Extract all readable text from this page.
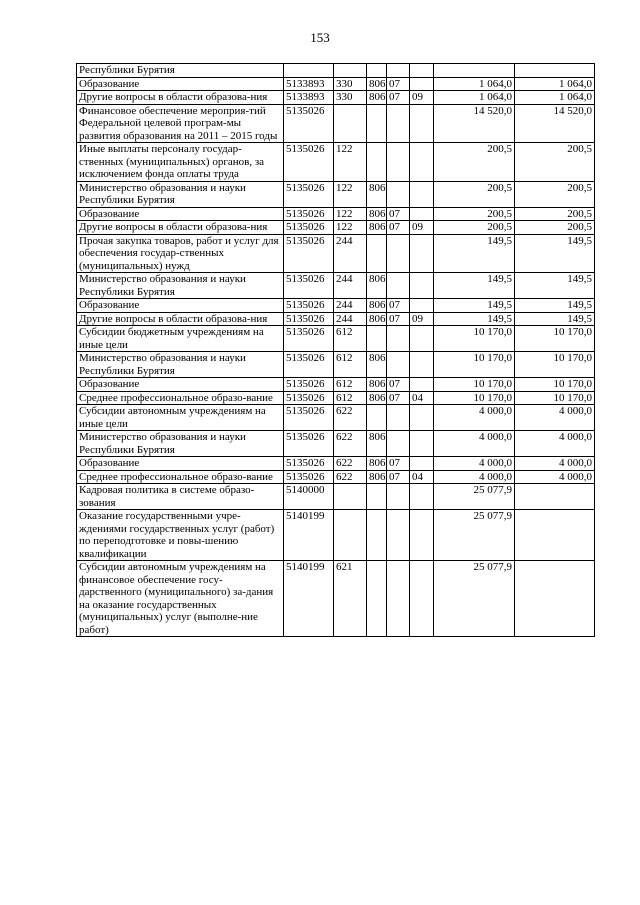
153
Республики Бурятия							
Образование	5133893	330	806	07		1 064,0	1 064,0
Другие вопросы в области образова-ния	5133893	330	806	07	09	1 064,0	1 064,0
Финансовое обеспечение мероприя-тий Федеральной целевой програм-мы развития образования на 2011 – 2015 годы	5135026					14 520,0	14 520,0
Иные выплаты персоналу государ-ственных (муниципальных) органов, за исключением фонда оплаты труда	5135026	122				200,5	200,5
Министерство образования и науки Республики Бурятия	5135026	122	806			200,5	200,5
Образование	5135026	122	806	07		200,5	200,5
Другие вопросы в области образова-ния	5135026	122	806	07	09	200,5	200,5
Прочая закупка товаров, работ и услуг для обеспечения государ-ственных (муниципальных) нужд	5135026	244				149,5	149,5
Министерство образования и науки Республики Бурятия	5135026	244	806			149,5	149,5
Образование	5135026	244	806	07		149,5	149,5
Другие вопросы в области образова-ния	5135026	244	806	07	09	149,5	149,5
Субсидии бюджетным учреждениям на иные цели	5135026	612				10 170,0	10 170,0
Министерство образования и науки Республики Бурятия	5135026	612	806			10 170,0	10 170,0
Образование	5135026	612	806	07		10 170,0	10 170,0
Среднее профессиональное образо-вание	5135026	612	806	07	04	10 170,0	10 170,0
Субсидии автономным учреждениям на иные цели	5135026	622				4 000,0	4 000,0
Министерство образования и науки Республики Бурятия	5135026	622	806			4 000,0	4 000,0
Образование	5135026	622	806	07		4 000,0	4 000,0
Среднее профессиональное образо-вание	5135026	622	806	07	04	4 000,0	4 000,0
Кадровая политика в системе образо-зования	5140000					25 077,9	
Оказание государственными учре-ждениями государственных услуг (работ) по переподготовке и повы-шению квалификации	5140199					25 077,9	
Субсидии автономным учреждениям на финансовое обеспечение госу-дарственного (муниципального) за-дания на оказание государственных (муниципальных) услуг (выполне-ние работ)	5140199	621				25 077,9	
